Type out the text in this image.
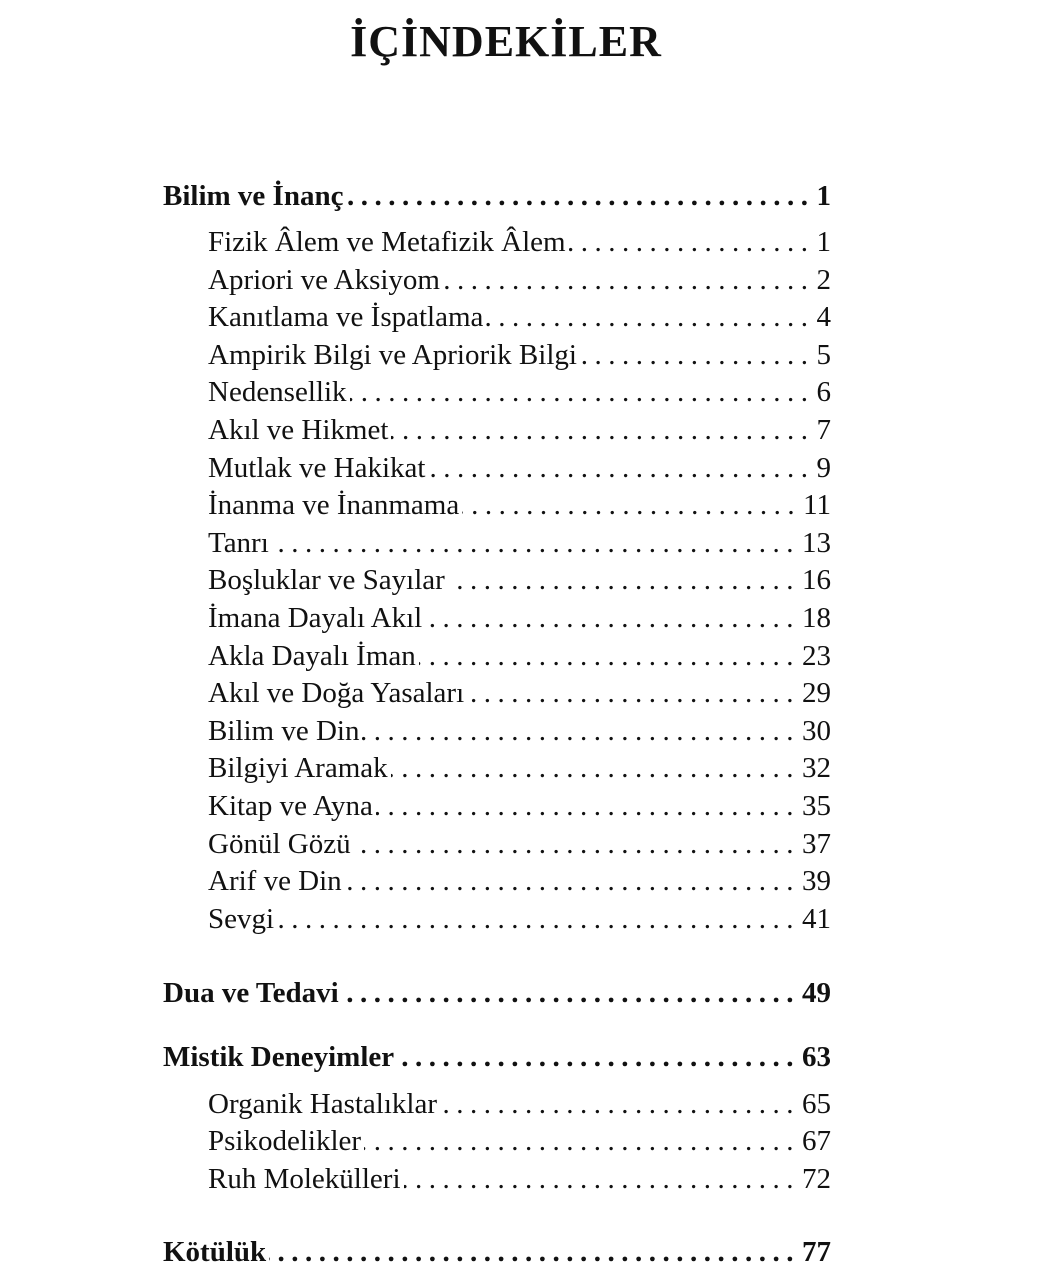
İÇİNDEKİLER
Bilim ve İnanç .....	1
Fizik Âlem ve Metafizik Âlem .....	1
Apriori ve Aksiyom .....	2
Kanıtlama ve İspatlama .....	4
Ampirik Bilgi ve Apriorik Bilgi .....	5
Nedensellik .....	6
Akıl ve Hikmet .....	7
Mutlak ve Hakikat .....	9
İnanma ve İnanmama .....	11
Tanrı .....	13
Boşluklar ve Sayılar .....	16
İmana Dayalı Akıl .....	18
Akla Dayalı İman .....	23
Akıl ve Doğa Yasaları .....	29
Bilim ve Din .....	30
Bilgiyi Aramak .....	32
Kitap ve Ayna .....	35
Gönül Gözü .....	37
Arif ve Din .....	39
Sevgi .....	41
Dua ve Tedavi .....	49
Mistik Deneyimler .....	63
Organik Hastalıklar .....	65
Psikodelikler .....	67
Ruh Molekülleri .....	72
Kötülük .....	77
